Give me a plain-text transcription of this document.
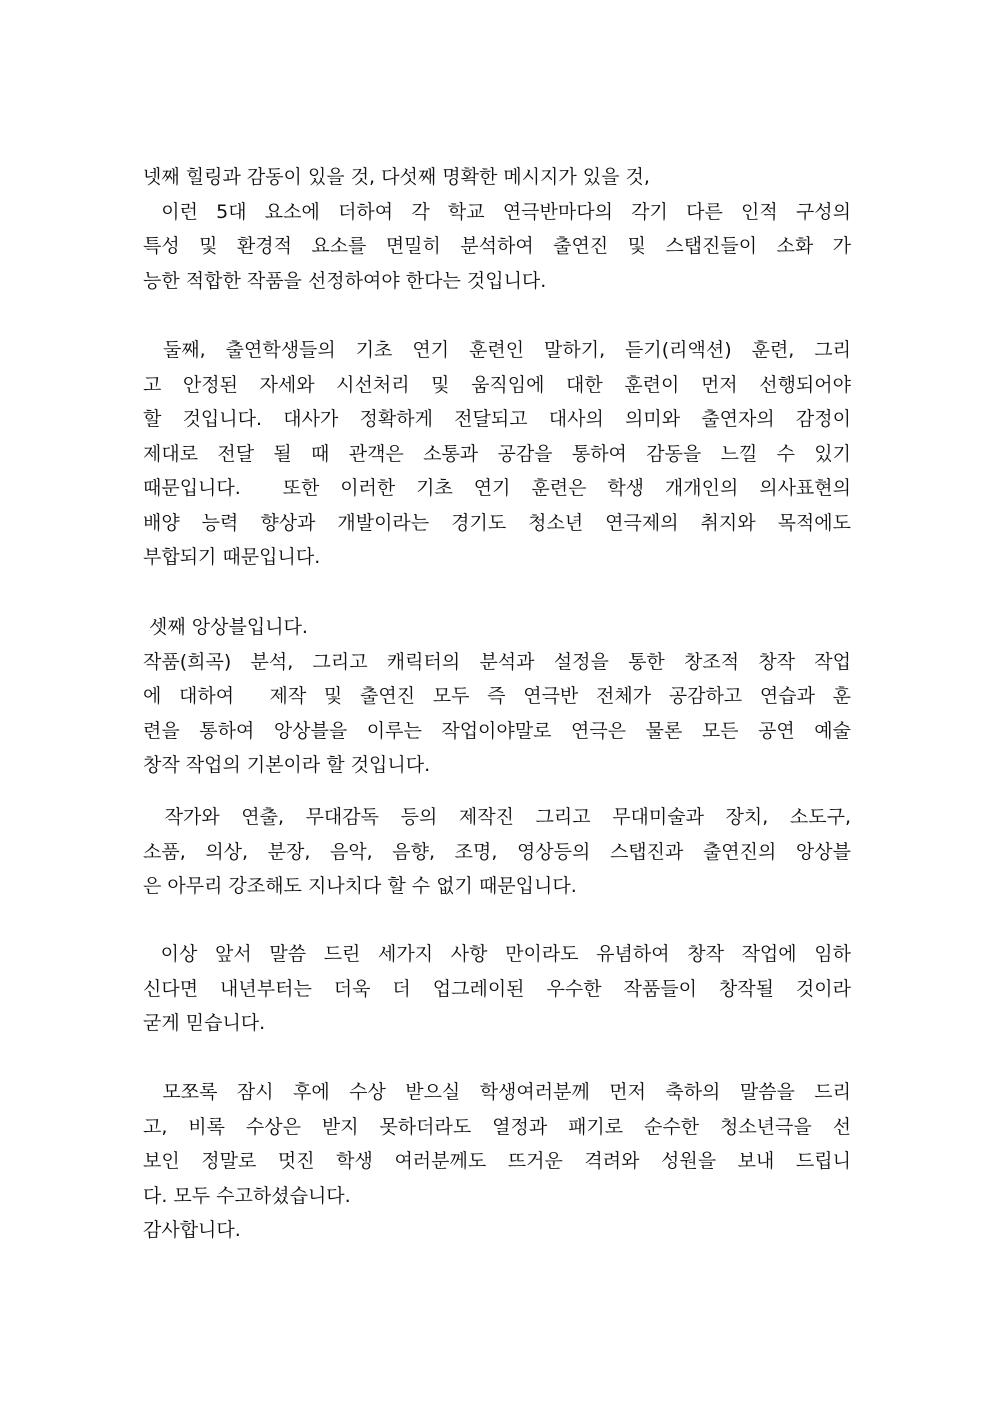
넷째 힐링과 감동이 있을 것, 다섯째 명확한 메시지가 있을 것,
이런 5대 요소에 더하여 각 학교 연극반마다의 각기 다른 인적 구성의
특성 및 환경적 요소를 면밀히 분석하여 출연진 및 스탭진들이 소화 가
능한 적합한 작품을 선정하여야 한다는 것입니다.
둘째, 출연학생들의 기초 연기 훈련인 말하기, 듣기(리액션) 훈련, 그리
고 안정된 자세와 시선처리 및 움직임에 대한 훈련이 먼저 선행되어야
할 것입니다. 대사가 정확하게 전달되고 대사의 의미와 출연자의 감정이
제대로 전달 될 때 관객은 소통과 공감을 통하여 감동을 느낄 수 있기
때문입니다.  또한 이러한 기초 연기 훈련은 학생 개개인의 의사표현의
배양 능력 향상과 개발이라는 경기도 청소년 연극제의 취지와 목적에도
부합되기 때문입니다.
셋째 앙상블입니다.
작품(희곡) 분석, 그리고 캐릭터의 분석과 설정을 통한 창조적 창작 작업
에 대하여  제작 및 출연진 모두 즉 연극반 전체가 공감하고 연습과 훈
련을 통하여 앙상블을 이루는 작업이야말로 연극은 물론 모든 공연 예술
창작 작업의 기본이라 할 것입니다.
작가와 연출, 무대감독 등의 제작진 그리고 무대미술과 장치, 소도구,
소품, 의상, 분장, 음악, 음향, 조명, 영상등의 스탭진과 출연진의 앙상블
은 아무리 강조해도 지나치다 할 수 없기 때문입니다.
이상 앞서 말씀 드린 세가지 사항 만이라도 유념하여 창작 작업에 임하
신다면 내년부터는 더욱 더 업그레이된 우수한 작품들이 창작될 것이라
굳게 믿습니다.
모쪼록 잠시 후에 수상 받으실 학생여러분께 먼저 축하의 말씀을 드리
고, 비록 수상은 받지 못하더라도 열정과 패기로 순수한 청소년극을 선
보인 정말로 멋진 학생 여러분께도 뜨거운 격려와 성원을 보내 드립니
다. 모두 수고하셨습니다.
감사합니다.
